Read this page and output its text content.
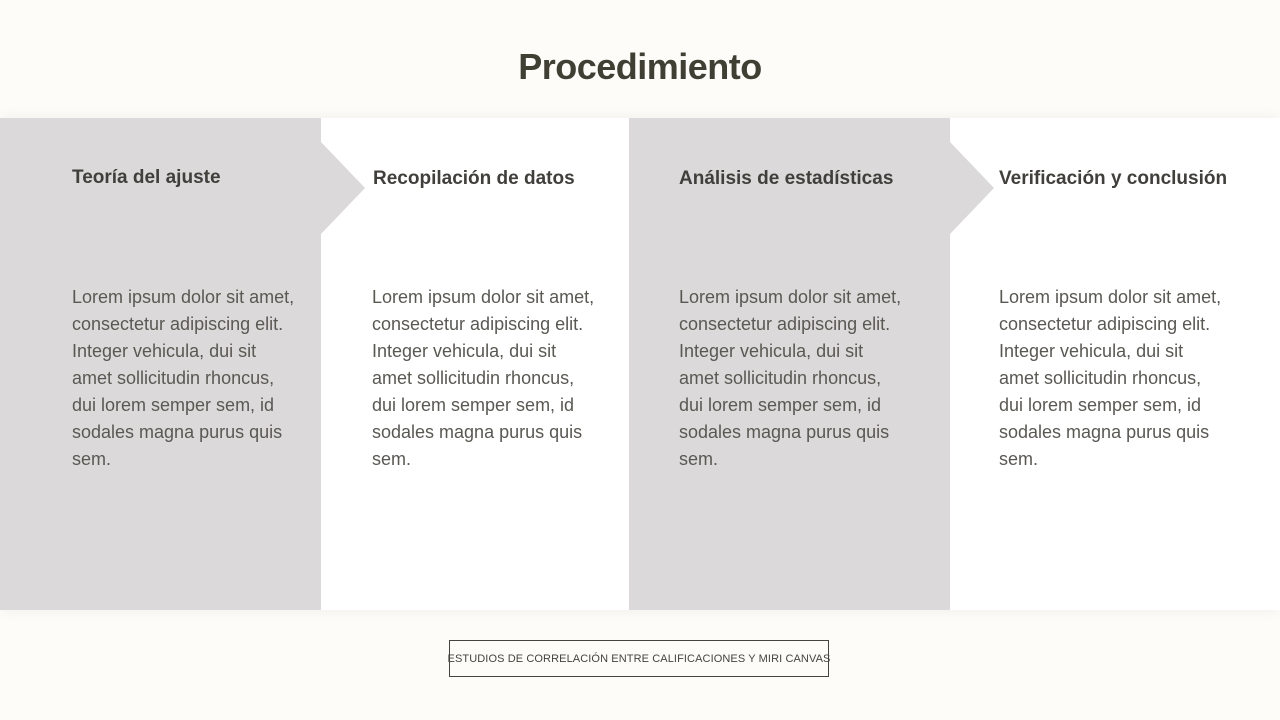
Procedimiento
Teoría del ajuste

Lorem ipsum dolor sit amet, consectetur adipiscing elit. Integer vehicula, dui sit amet sollicitudin rhoncus, dui lorem semper sem, id sodales magna purus quis sem.

Recopilación de datos

Lorem ipsum dolor sit amet, consectetur adipiscing elit. Integer vehicula, dui sit amet sollicitudin rhoncus, dui lorem semper sem, id sodales magna purus quis sem.

Análisis de estadísticas

Lorem ipsum dolor sit amet, consectetur adipiscing elit. Integer vehicula, dui sit amet sollicitudin rhoncus, dui lorem semper sem, id sodales magna purus quis sem.

Verificación y conclusión

Lorem ipsum dolor sit amet, consectetur adipiscing elit. Integer vehicula, dui sit amet sollicitudin rhoncus, dui lorem semper sem, id sodales magna purus quis sem.

ESTUDIOS DE CORRELACIÓN ENTRE CALIFICACIONES Y MIRI CANVAS
